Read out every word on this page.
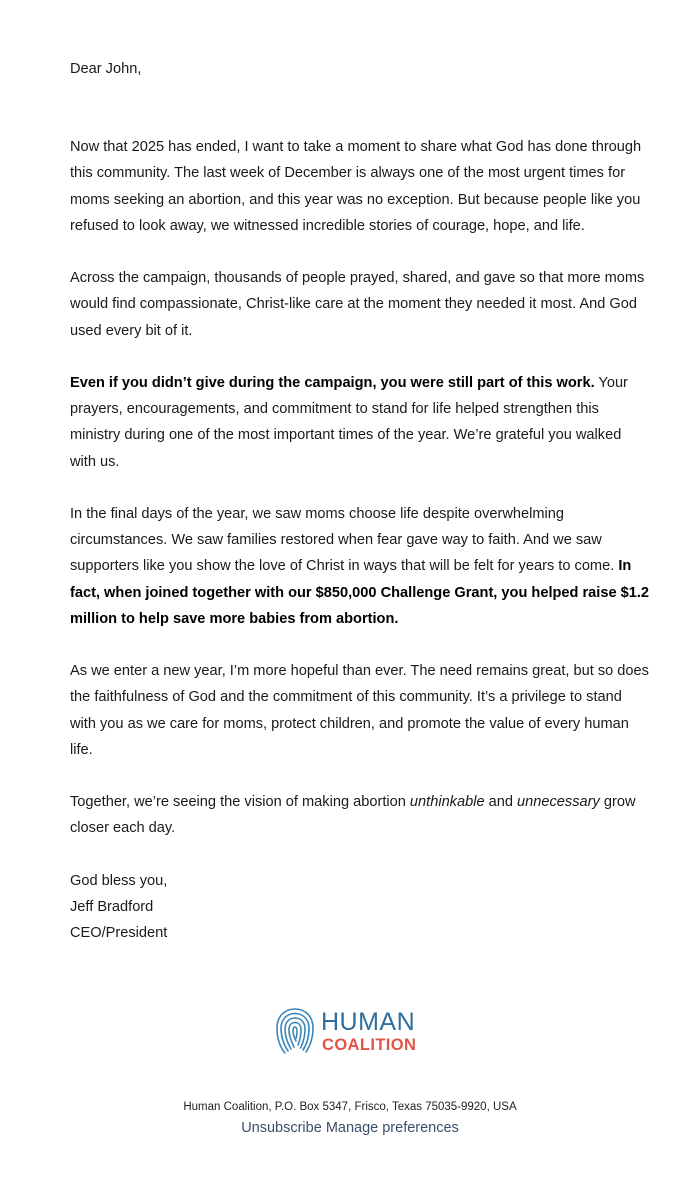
Dear John,

Now that 2025 has ended, I want to take a moment to share what God has done through this community. The last week of December is always one of the most urgent times for moms seeking an abortion, and this year was no exception. But because people like you refused to look away, we witnessed incredible stories of courage, hope, and life.

Across the campaign, thousands of people prayed, shared, and gave so that more moms would find compassionate, Christ-like care at the moment they needed it most. And God used every bit of it.

Even if you didn’t give during the campaign, you were still part of this work. Your prayers, encouragements, and commitment to stand for life helped strengthen this ministry during one of the most important times of the year. We’re grateful you walked with us.

In the final days of the year, we saw moms choose life despite overwhelming circumstances. We saw families restored when fear gave way to faith. And we saw supporters like you show the love of Christ in ways that will be felt for years to come. In fact, when joined together with our $850,000 Challenge Grant, you helped raise $1.2 million to help save more babies from abortion.

As we enter a new year, I’m more hopeful than ever. The need remains great, but so does the faithfulness of God and the commitment of this community. It’s a privilege to stand with you as we care for moms, protect children, and promote the value of every human life.

Together, we’re seeing the vision of making abortion unthinkable and unnecessary grow closer each day.

God bless you,

Jeff Bradford

CEO/President

HUMAN
COALITION
Human Coalition, P.O. Box 5347, Frisco, Texas 75035-9920, USA
Unsubscribe Manage preferences
